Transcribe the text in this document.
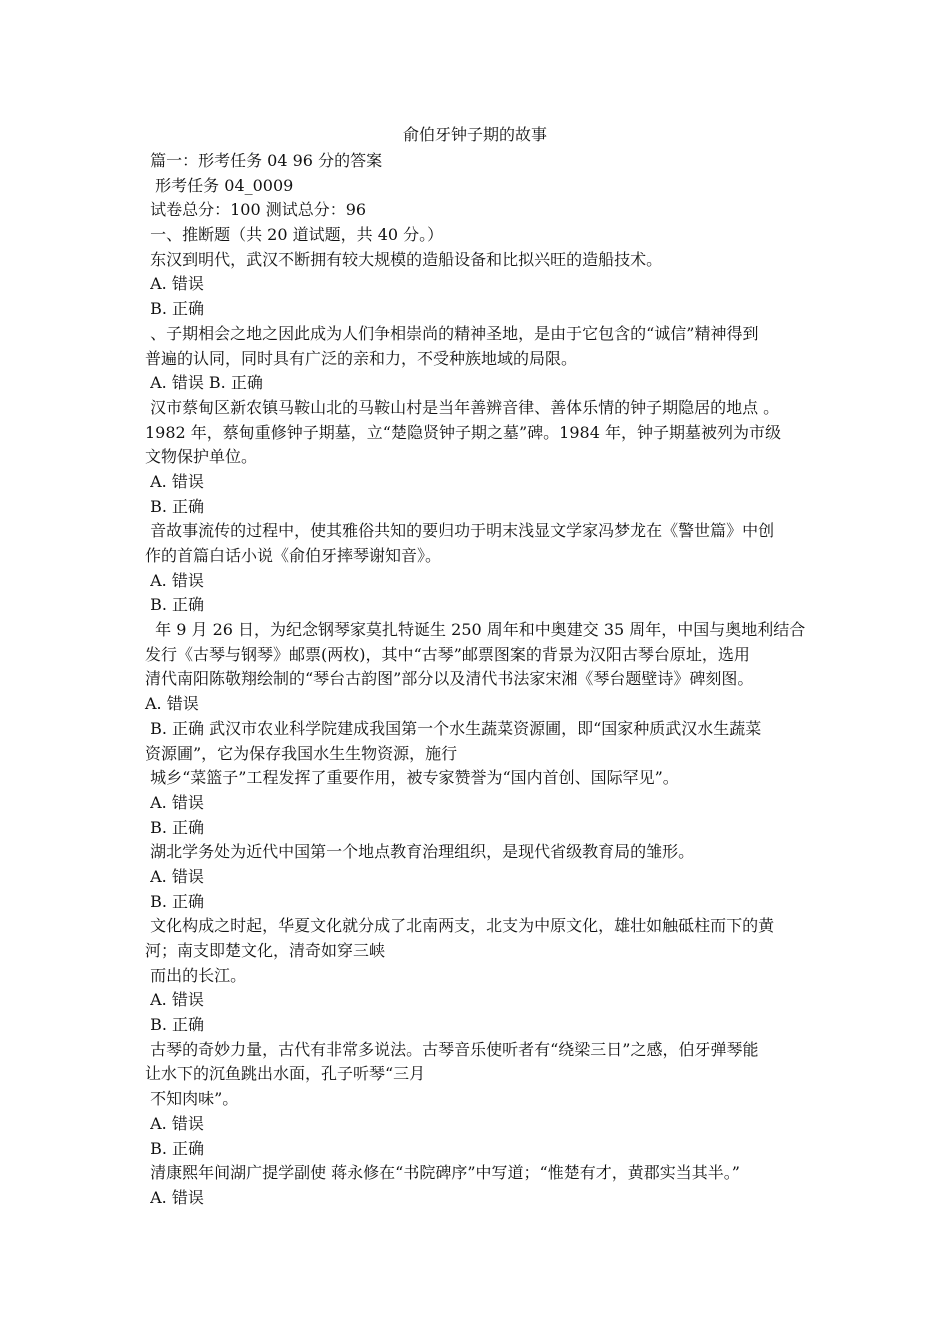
俞伯牙钟子期的故事
篇一：形考任务 04 96 分的答案
形考任务 04_0009
试卷总分：100 测试总分：96
一、推断题（共 20 道试题，共 40 分。）
东汉到明代，武汉不断拥有较大规模的造船设备和比拟兴旺的造船技术。
A. 错误
B. 正确
、子期相会之地之因此成为人们争相崇尚的精神圣地，是由于它包含的“诚信”精神得到
普遍的认同，同时具有广泛的亲和力，不受种族地域的局限。
A. 错误 B. 正确
汉市蔡甸区新农镇马鞍山北的马鞍山村是当年善辨音律、善体乐情的钟子期隐居的地点 。
1982 年，蔡甸重修钟子期墓，立“楚隐贤钟子期之墓”碑。1984 年，钟子期墓被列为市级
文物保护单位。
A. 错误
B. 正确
音故事流传的过程中，使其雅俗共知的要归功于明末浅显文学家冯梦龙在《警世篇》中创
作的首篇白话小说《俞伯牙摔琴谢知音》。
A. 错误
B. 正确
年 9 月 26 日，为纪念钢琴家莫扎特诞生 250 周年和中奥建交 35 周年，中国与奥地利结合
发行《古琴与钢琴》邮票(两枚)，其中“古琴”邮票图案的背景为汉阳古琴台原址，选用
清代南阳陈敬翔绘制的“琴台古韵图”部分以及清代书法家宋湘《琴台题壁诗》碑刻图。
A. 错误
B. 正确 武汉市农业科学院建成我国第一个水生蔬菜资源圃，即“国家种质武汉水生蔬菜
资源圃”，它为保存我国水生生物资源，施行
城乡“菜篮子”工程发挥了重要作用，被专家赞誉为“国内首创、国际罕见”。
A. 错误
B. 正确
湖北学务处为近代中国第一个地点教育治理组织，是现代省级教育局的雏形。
A. 错误
B. 正确
文化构成之时起，华夏文化就分成了北南两支，北支为中原文化，雄壮如触砥柱而下的黄
河；南支即楚文化，清奇如穿三峡
而出的长江。
A. 错误
B. 正确
古琴的奇妙力量，古代有非常多说法。古琴音乐使听者有“绕梁三日”之感，伯牙弹琴能
让水下的沉鱼跳出水面，孔子听琴“三月
不知肉味”。
A. 错误
B. 正确
清康熙年间湖广提学副使 蒋永修在“书院碑序”中写道；“惟楚有才，黄郡实当其半。”
A. 错误
